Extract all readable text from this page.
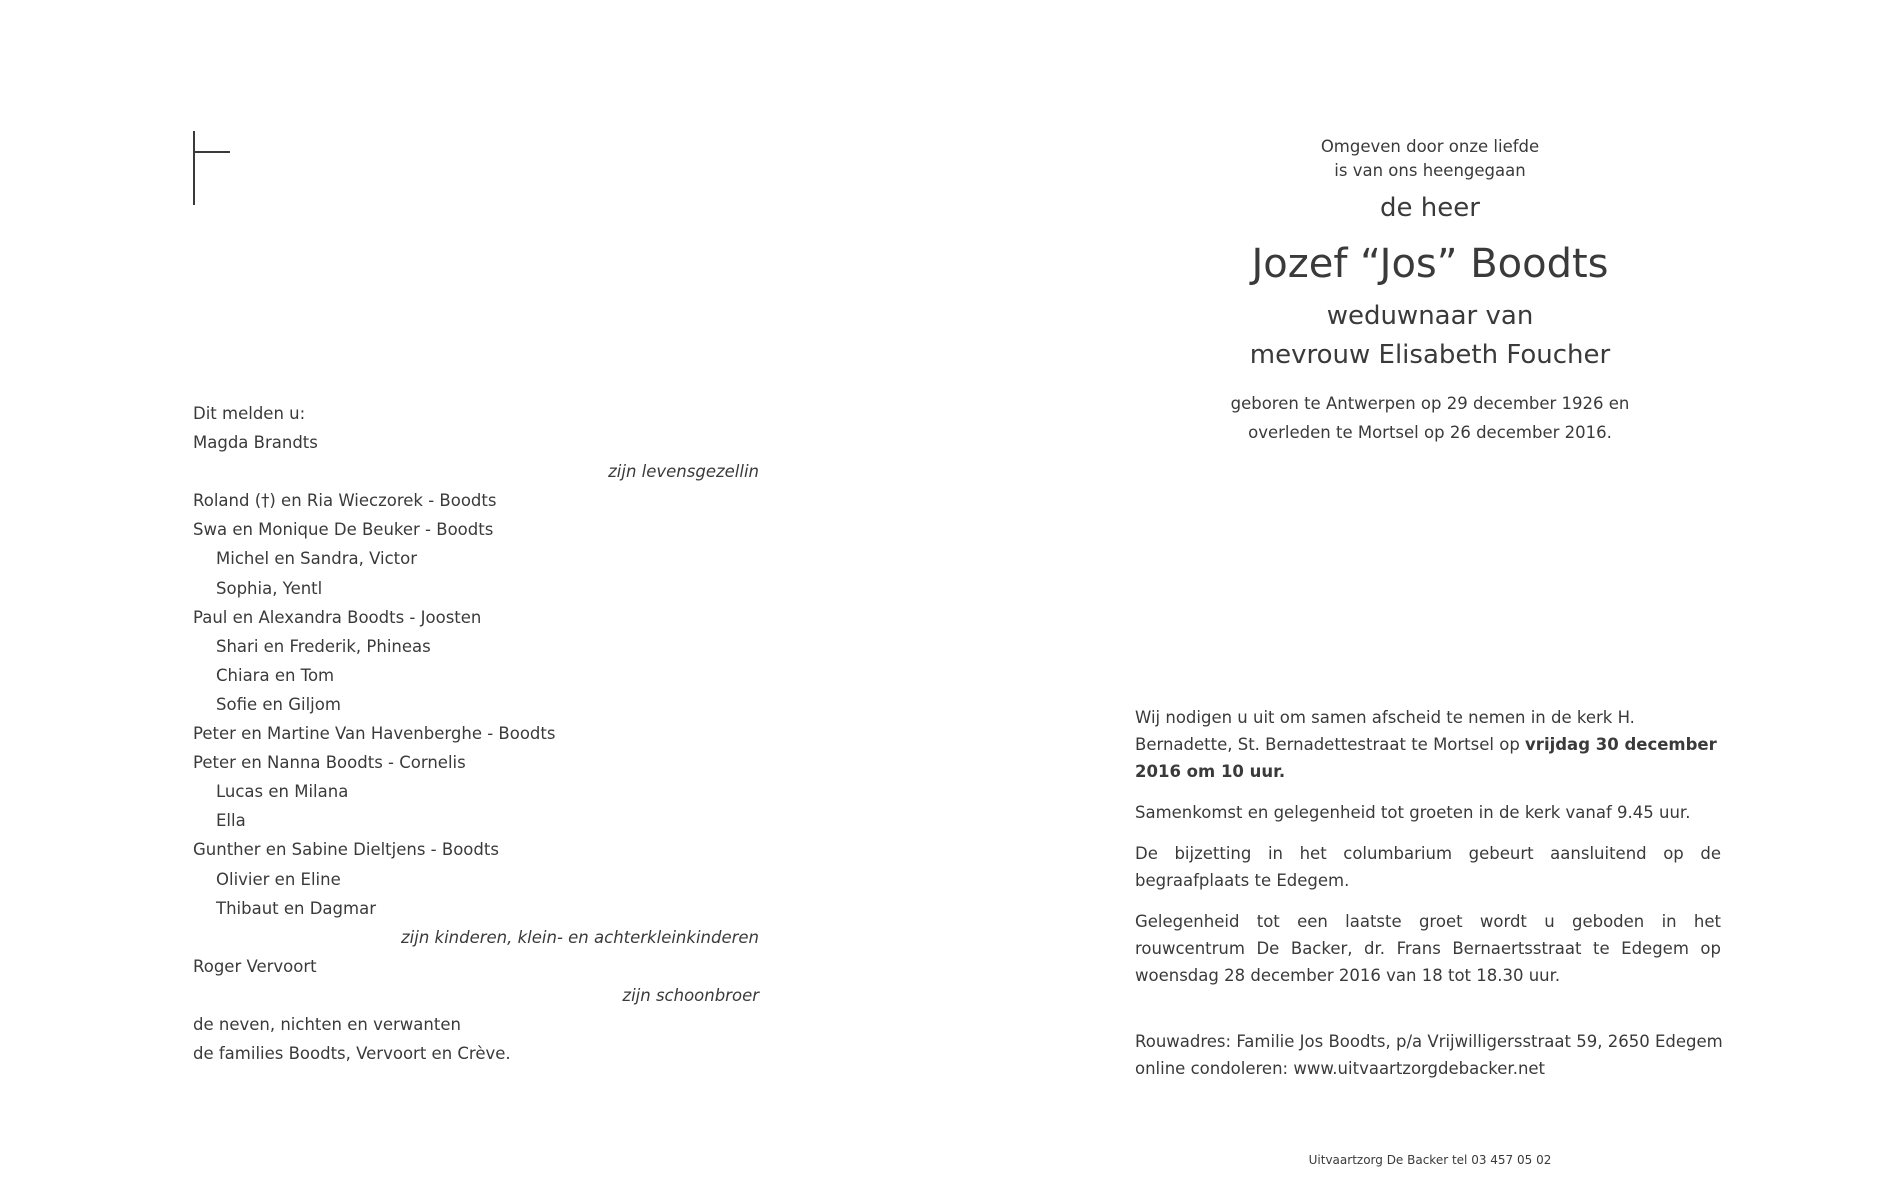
Dit melden u:
Magda Brandts
zijn levensgezellin
Roland (†) en Ria Wieczorek - Boodts
Swa en Monique De Beuker - Boodts
Michel en Sandra, Victor
Sophia, Yentl
Paul en Alexandra Boodts - Joosten
Shari en Frederik, Phineas
Chiara en Tom
Sofie en Giljom
Peter en Martine Van Havenberghe - Boodts
Peter en Nanna Boodts - Cornelis
Lucas en Milana
Ella
Gunther en Sabine Dieltjens - Boodts
Olivier en Eline
Thibaut en Dagmar
zijn kinderen, klein- en achterkleinkinderen
Roger Vervoort
zijn schoonbroer
de neven, nichten en verwanten
de families Boodts, Vervoort en Crève.
Omgeven door onze liefde
is van ons heengegaan
de heer
Jozef “Jos” Boodts
weduwnaar van
mevrouw Elisabeth Foucher
geboren te Antwerpen op 29 december 1926 en
overleden te Mortsel op 26 december 2016.

Wij nodigen u uit om samen afscheid te nemen in de kerk H. Bernadette, St. Bernadettestraat te Mortsel op vrijdag 30 december 2016 om 10 uur.

Samenkomst en gelegenheid tot groeten in de kerk vanaf 9.45 uur.

De bijzetting in het columbarium gebeurt aansluitend op de begraafplaats te Edegem.

Gelegenheid tot een laatste groet wordt u geboden in het rouwcentrum De Backer, dr. Frans Bernaertsstraat te Edegem op woensdag 28 december 2016 van 18 tot 18.30 uur.

Rouwadres: Familie Jos Boodts, p/a Vrijwilligersstraat 59, 2650 Edegem
online condoleren: www.uitvaartzorgdebacker.net
Uitvaartzorg De Backer tel 03 457 05 02
